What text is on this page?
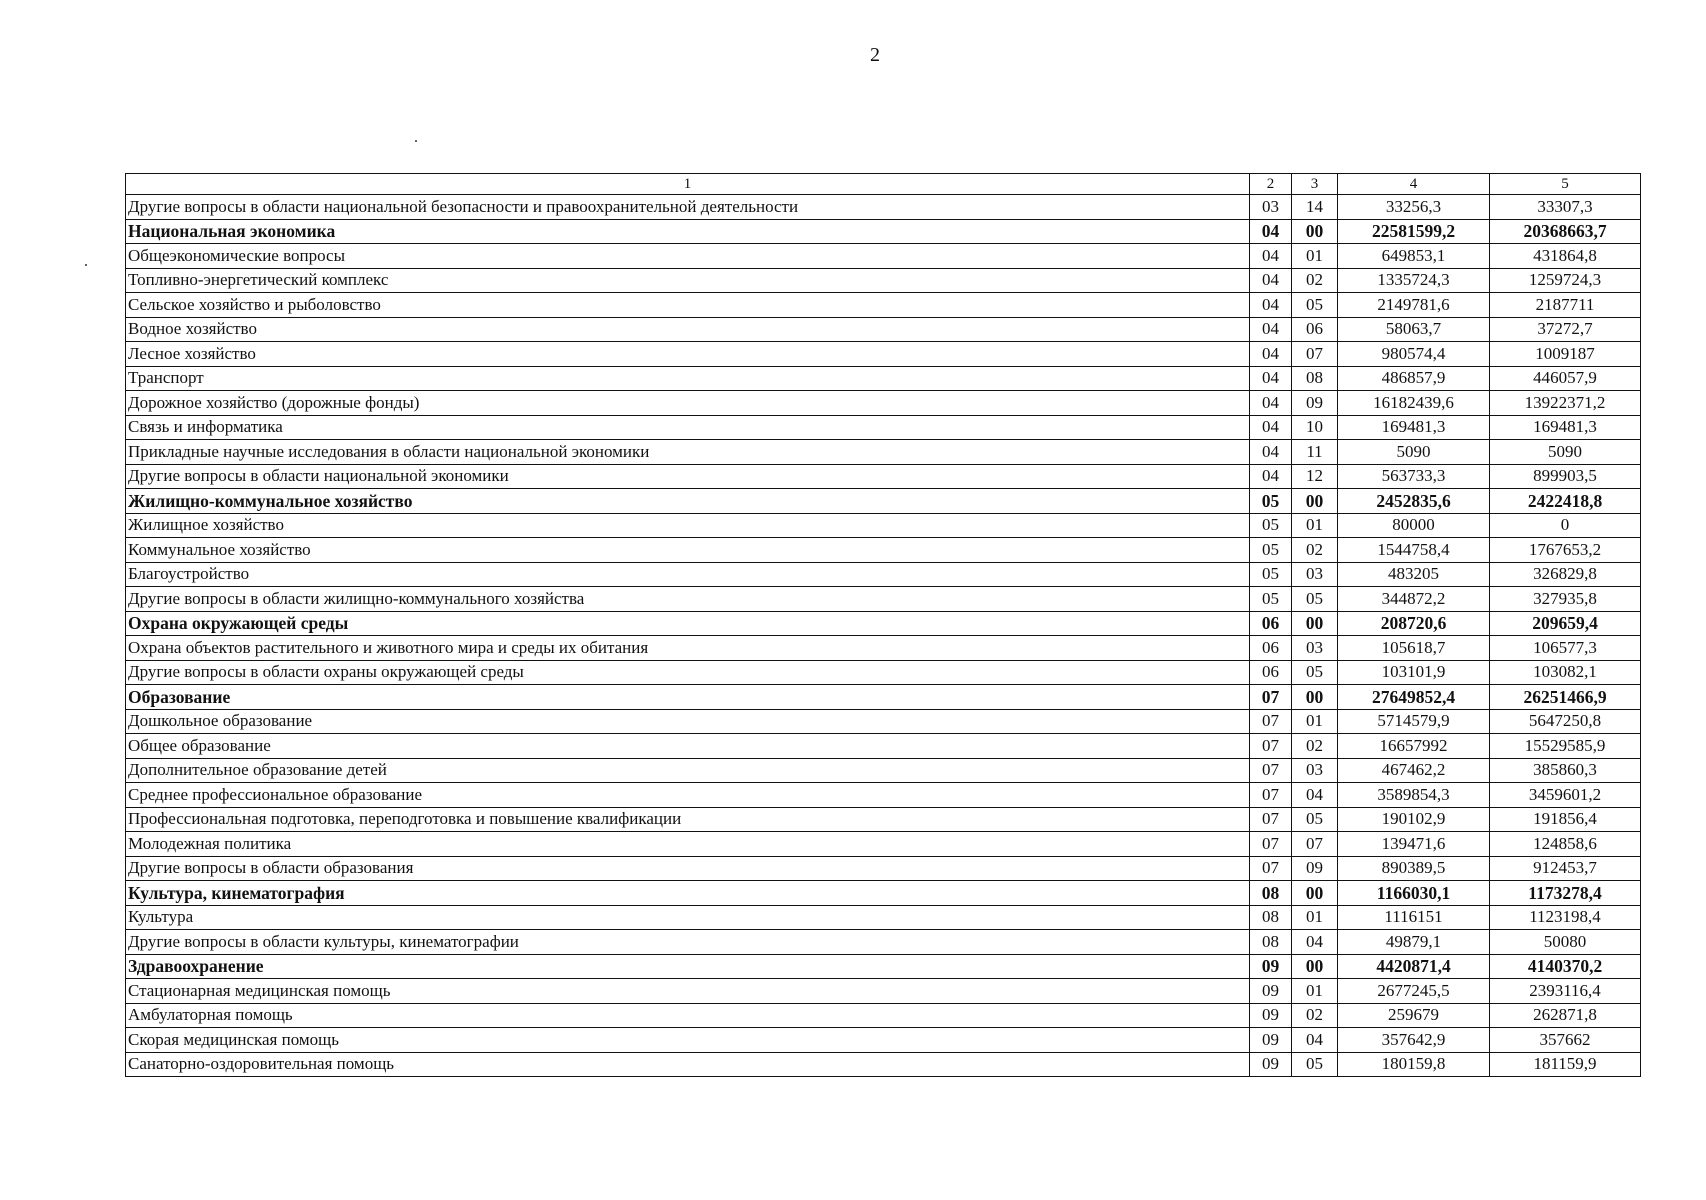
2
1	2	3	4	5
Другие вопросы в области национальной безопасности и правоохранительной деятельности	03	14	33256,3	33307,3
Национальная экономика	04	00	22581599,2	20368663,7
Общеэкономические вопросы	04	01	649853,1	431864,8
Топливно-энергетический комплекс	04	02	1335724,3	1259724,3
Сельское хозяйство и рыболовство	04	05	2149781,6	2187711
Водное хозяйство	04	06	58063,7	37272,7
Лесное хозяйство	04	07	980574,4	1009187
Транспорт	04	08	486857,9	446057,9
Дорожное хозяйство (дорожные фонды)	04	09	16182439,6	13922371,2
Связь и информатика	04	10	169481,3	169481,3
Прикладные научные исследования в области национальной экономики	04	11	5090	5090
Другие вопросы в области национальной экономики	04	12	563733,3	899903,5
Жилищно-коммунальное хозяйство	05	00	2452835,6	2422418,8
Жилищное хозяйство	05	01	80000	0
Коммунальное хозяйство	05	02	1544758,4	1767653,2
Благоустройство	05	03	483205	326829,8
Другие вопросы в области жилищно-коммунального хозяйства	05	05	344872,2	327935,8
Охрана окружающей среды	06	00	208720,6	209659,4
Охрана объектов растительного и животного мира и среды их обитания	06	03	105618,7	106577,3
Другие вопросы в области охраны окружающей среды	06	05	103101,9	103082,1
Образование	07	00	27649852,4	26251466,9
Дошкольное образование	07	01	5714579,9	5647250,8
Общее образование	07	02	16657992	15529585,9
Дополнительное образование детей	07	03	467462,2	385860,3
Среднее профессиональное образование	07	04	3589854,3	3459601,2
Профессиональная подготовка, переподготовка и повышение квалификации	07	05	190102,9	191856,4
Молодежная политика	07	07	139471,6	124858,6
Другие вопросы в области образования	07	09	890389,5	912453,7
Культура, кинематография	08	00	1166030,1	1173278,4
Культура	08	01	1116151	1123198,4
Другие вопросы в области культуры, кинематографии	08	04	49879,1	50080
Здравоохранение	09	00	4420871,4	4140370,2
Стационарная медицинская помощь	09	01	2677245,5	2393116,4
Амбулаторная помощь	09	02	259679	262871,8
Скорая медицинская помощь	09	04	357642,9	357662
Санаторно-оздоровительная помощь	09	05	180159,8	181159,9
